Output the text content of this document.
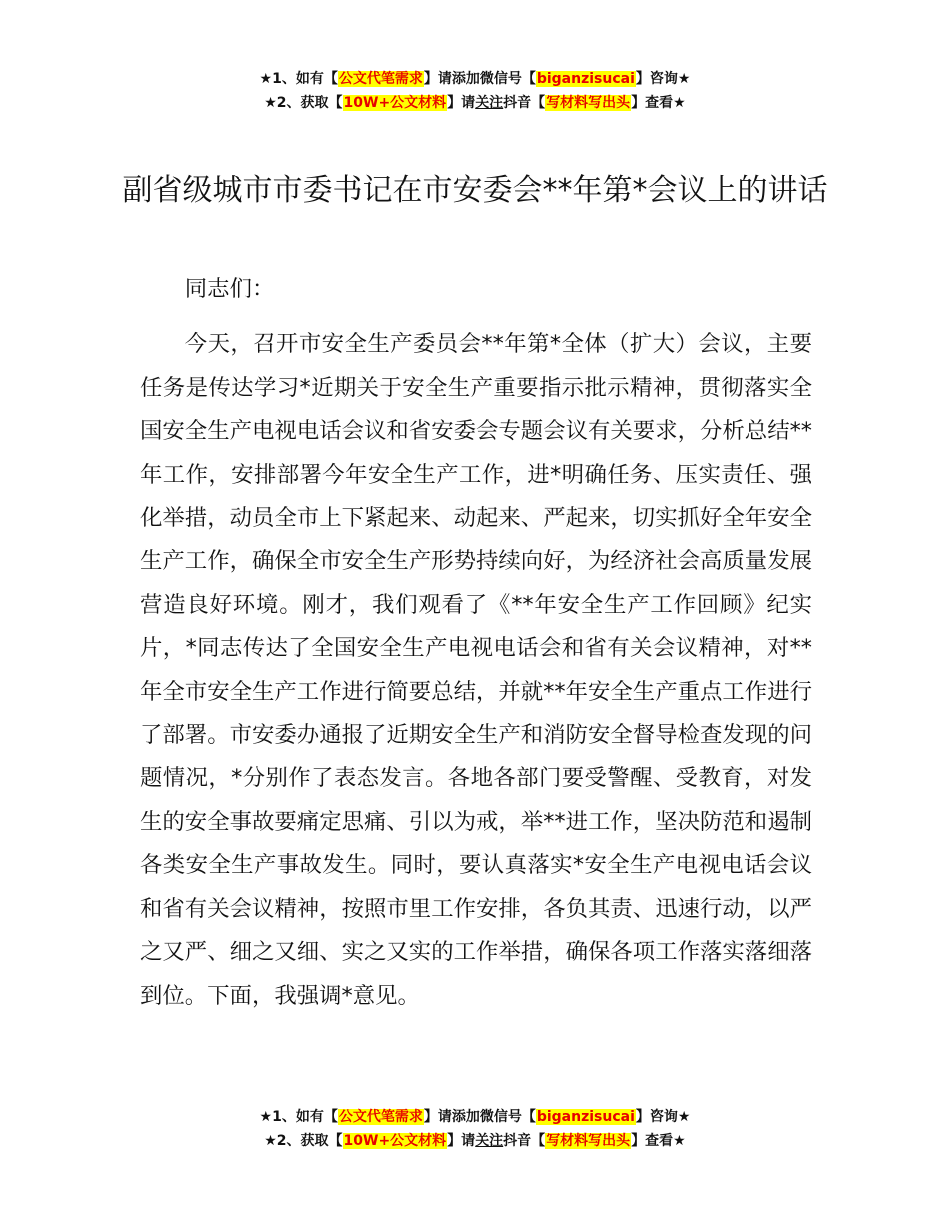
★1、如有【公文代笔需求】请添加微信号【biganzisucai】咨询★
★2、获取【10W+公文材料】请关注抖音【写材料写出头】查看★
副省级城市市委书记在市安委会**年第*会议上的讲话

同志们：

今天，召开市安全生产委员会**年第*全体（扩大）会议，主要任务是传达学习*近期关于安全生产重要指示批示精神，贯彻落实全国安全生产电视电话会议和省安委会专题会议有关要求，分析总结**年工作，安排部署今年安全生产工作，进*明确任务、压实责任、强化举措，动员全市上下紧起来、动起来、严起来，切实抓好全年安全生产工作，确保全市安全生产形势持续向好，为经济社会高质量发展营造良好环境。刚才，我们观看了《**年安全生产工作回顾》纪实片，*同志传达了全国安全生产电视电话会和省有关会议精神，对**年全市安全生产工作进行简要总结，并就**年安全生产重点工作进行了部署。市安委办通报了近期安全生产和消防安全督导检查发现的问题情况，*分别作了表态发言。各地各部门要受警醒、受教育，对发生的安全事故要痛定思痛、引以为戒，举**进工作，坚决防范和遏制各类安全生产事故发生。同时，要认真落实*安全生产电视电话会议和省有关会议精神，按照市里工作安排，各负其责、迅速行动，以严之又严、细之又细、实之又实的工作举措，确保各项工作落实落细落到位。下面，我强调*意见。

★1、如有【公文代笔需求】请添加微信号【biganzisucai】咨询★
★2、获取【10W+公文材料】请关注抖音【写材料写出头】查看★
